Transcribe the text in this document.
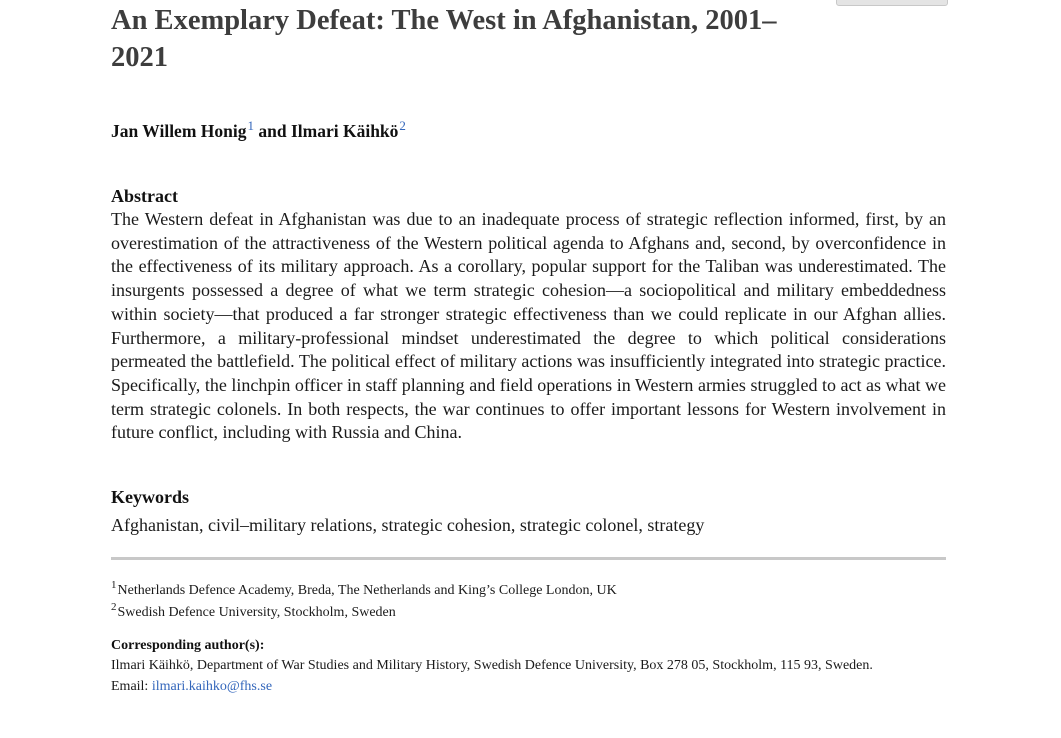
An Exemplary Defeat: The West in Afghanistan, 2001–2021
Jan Willem Honig$^1$ and Ilmari Käihkö$^2$
Abstract

The Western defeat in Afghanistan was due to an inadequate process of strategic reflection informed, first, by an overestimation of the attractiveness of the Western political agenda to Afghans and, second, by overconfidence in the effectiveness of its military approach. As a corollary, popular support for the Taliban was underestimated. The insurgents possessed a degree of what we term strategic cohesion—a sociopolitical and military embeddedness within society—that produced a far stronger strategic effectiveness than we could replicate in our Afghan allies. Furthermore, a military-professional mindset underestimated the degree to which political considerations permeated the battlefield. The political effect of military actions was insufficiently integrated into strategic practice. Specifically, the linchpin officer in staff planning and field operations in Western armies struggled to act as what we term strategic colonels. In both respects, the war continues to offer important lessons for Western involvement in future conflict, including with Russia and China.

Keywords
Afghanistan, civil–military relations, strategic cohesion, strategic colonel, strategy
$^1$Netherlands Defence Academy, Breda, The Netherlands and King’s College London, UK
$^2$Swedish Defence University, Stockholm, Sweden
Corresponding author(s):
Ilmari Käihkö, Department of War Studies and Military History, Swedish Defence University, Box 278 05, Stockholm, 115 93, Sweden.
Email: ilmari.kaihko@fhs.se
